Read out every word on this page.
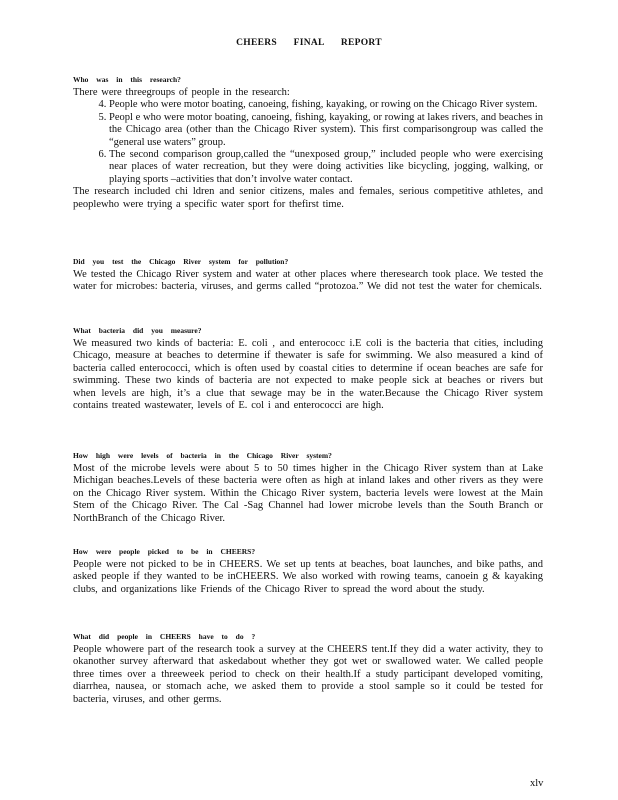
CHEERS FINAL REPORT
Who was in this research?

There were threegroups of people in the research:

4. People who were motor boating, canoeing, fishing, kayaking, or rowing on the Chicago River system.
5. Peopl e who were motor boating, canoeing, fishing, kayaking, or rowing at lakes rivers, and beaches in the Chicago area (other than the Chicago River system). This first comparisongroup was called the “general use waters” group.
6. The second comparison group,called the “unexposed group,” included people who were exercising near places of water recreation, but they were doing activities like bicycling, jogging, walking, or playing sports –activities that don’t involve water contact.

The research included chi ldren and senior citizens, males and females, serious competitive athletes, and peoplewho were trying a specific water sport for thefirst time.

Did you test the Chicago River system for pollution?

We tested the Chicago River system and water at other places where theresearch took place. We tested the water for microbes: bacteria, viruses, and germs called “protozoa.” We did not test the water for chemicals.

What bacteria did you measure?

We measured two kinds of bacteria: E. coli , and enterococc i.E coli is the bacteria that cities, including Chicago, measure at beaches to determine if thewater is safe for swimming. We also measured a kind of bacteria called enterococci, which is often used by coastal cities to determine if ocean beaches are safe for swimming. These two kinds of bacteria are not expected to make people sick at beaches or rivers but when levels are high, it’s a clue that sewage may be in the water.Because the Chicago River system contains treated wastewater, levels of E. col i and enterococci are high.

How high were levels of bacteria in the Chicago River system?

Most of the microbe levels were about 5 to 50 times higher in the Chicago River system than at Lake Michigan beaches.Levels of these bacteria were often as high at inland lakes and other rivers as they were on the Chicago River system. Within the Chicago River system, bacteria levels were lowest at the Main Stem of the Chicago River. The Cal -Sag Channel had lower microbe levels than the South Branch or NorthBranch of the Chicago River.

How were people picked to be in CHEERS?

People were not picked to be in CHEERS. We set up tents at beaches, boat launches, and bike paths, and asked people if they wanted to be inCHEERS. We also worked with rowing teams, canoein g & kayaking clubs, and organizations like Friends of the Chicago River to spread the word about the study.

What did people in CHEERS have to do ?

People whowere part of the research took a survey at the CHEERS tent.If they did a water activity, they to okanother survey afterward that askedabout whether they got wet or swallowed water. We called people three times over a threeweek period to check on their health.If a study participant developed vomiting, diarrhea, nausea, or stomach ache, we asked them to provide a stool sample so it could be tested for bacteria, viruses, and other germs.

xlv
